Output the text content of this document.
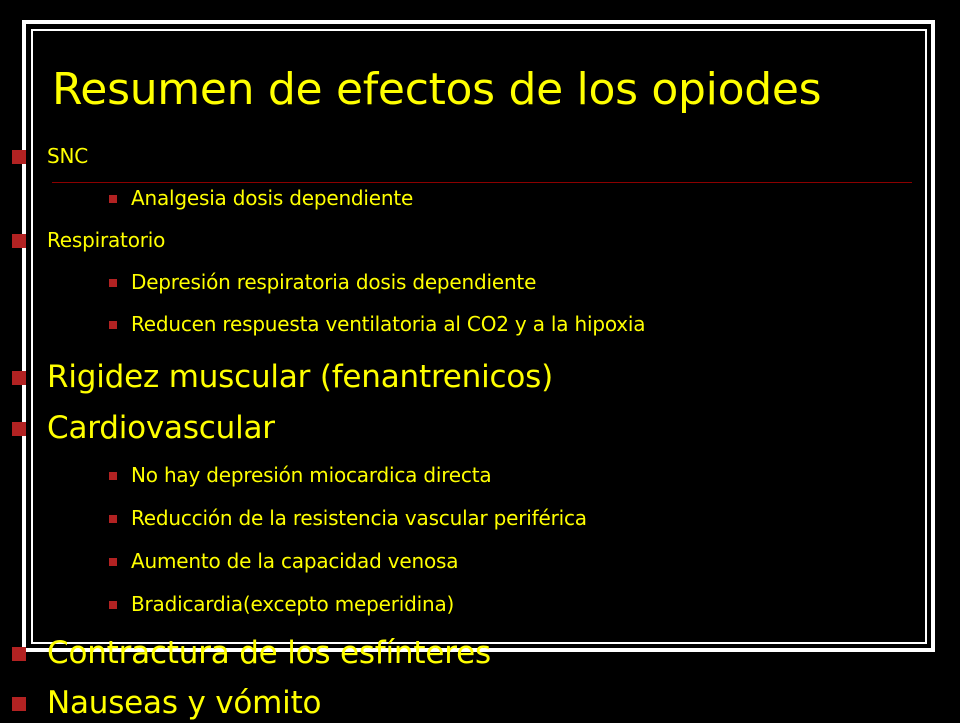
Resumen de efectos de los opiodes
SNC
Analgesia dosis dependiente
Respiratorio
Depresión respiratoria dosis dependiente
Reducen respuesta ventilatoria al CO2 y a la hipoxia
Rigidez muscular (fenantrenicos)
Cardiovascular
No hay depresión miocardica directa
Reducción de la resistencia vascular periférica
Aumento de la capacidad venosa
Bradicardia(excepto meperidina)
Contractura de los esfínteres
Nauseas y vómito
